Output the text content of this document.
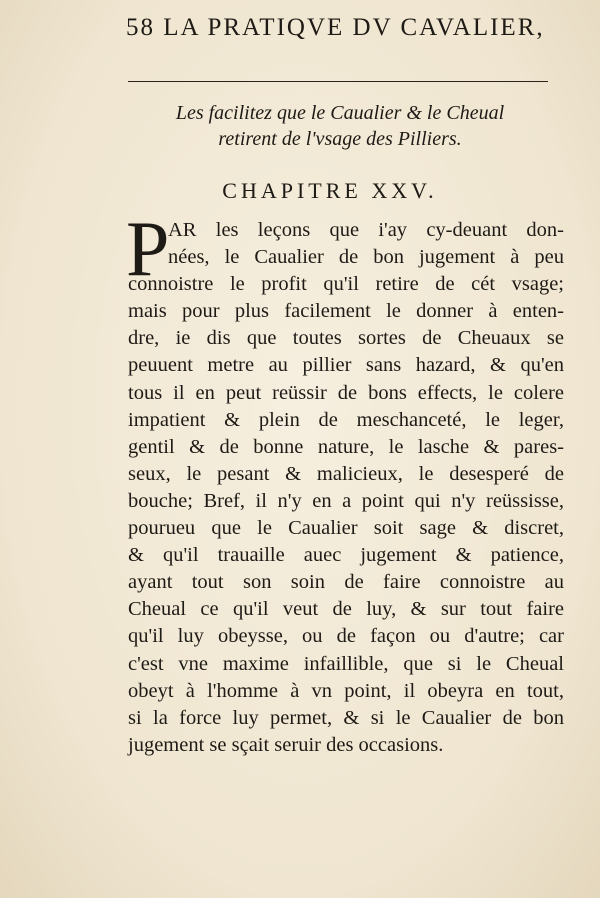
58 LA PRATIQVE DV CAVALIER,
Les facilitez que le Caualier & le Cheual
retirent de l'vsage des Pilliers.
CHAPITRE XXV.
P
AR les leçons que i'ay cy-deuant don-
nées, le Caualier de bon jugement à peu
connoistre le profit qu'il retire de cét vsage;
mais pour plus facilement le donner à enten-
dre, ie dis que toutes sortes de Cheuaux se
peuuent metre au pillier sans hazard, & qu'en
tous il en peut reüssir de bons effects, le colere
impatient & plein de meschanceté, le leger,
gentil & de bonne nature, le lasche & pares-
seux, le pesant & malicieux, le desesperé de
bouche; Bref, il n'y en a point qui n'y reüssisse,
pourueu que le Caualier soit sage & discret,
& qu'il trauaille auec jugement & patience,
ayant tout son soin de faire connoistre au
Cheual ce qu'il veut de luy, & sur tout faire
qu'il luy obeysse, ou de façon ou d'autre; car
c'est vne maxime infaillible, que si le Cheual
obeyt à l'homme à vn point, il obeyra en tout,
si la force luy permet, & si le Caualier de bon
jugement se sçait seruir des occasions.
